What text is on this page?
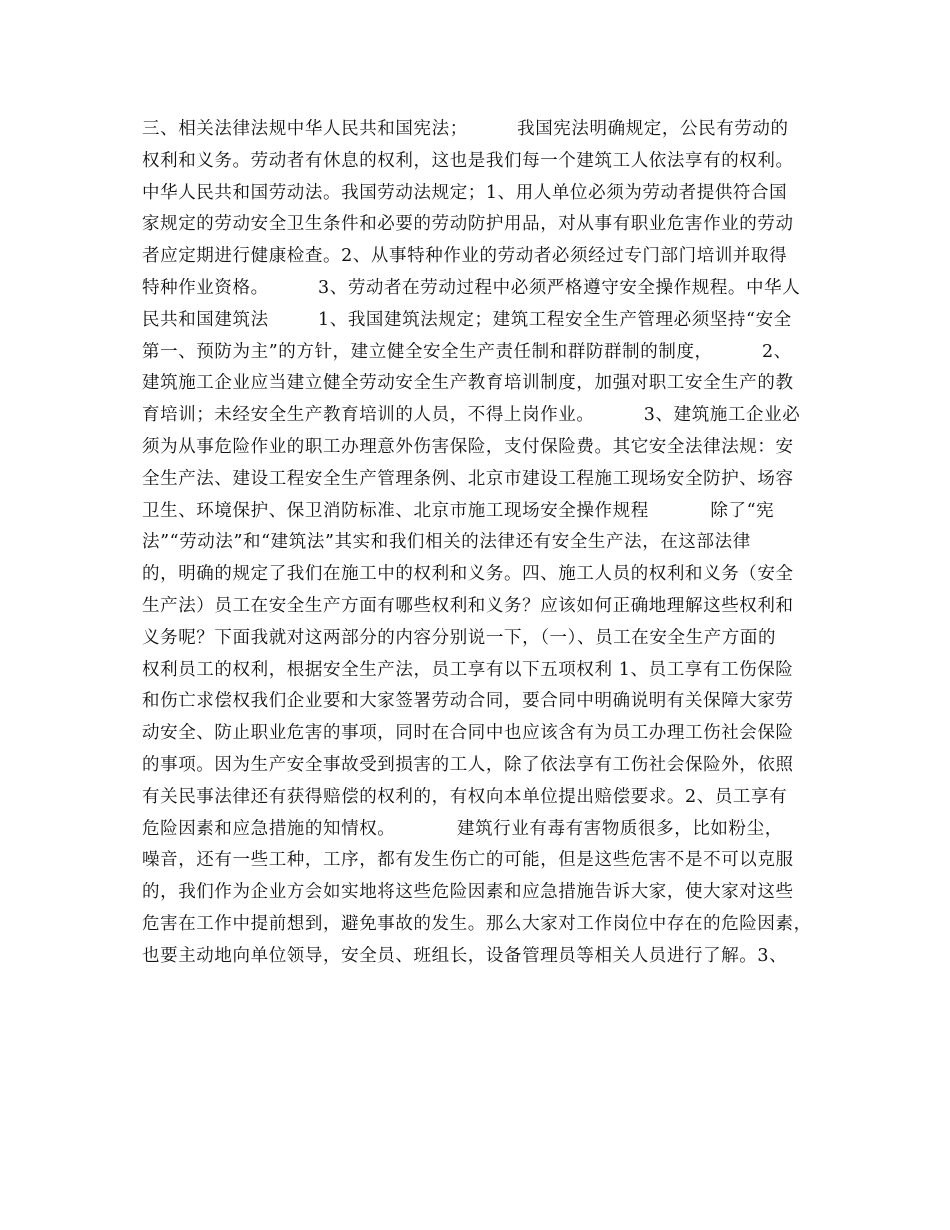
三、相关法律法规中华人民共和国宪法；        我国宪法明确规定，公民有劳动的
权利和义务。劳动者有休息的权利，这也是我们每一个建筑工人依法享有的权利。
中华人民共和国劳动法。我国劳动法规定；1、用人单位必须为劳动者提供符合国
家规定的劳动安全卫生条件和必要的劳动防护用品，对从事有职业危害作业的劳动
者应定期进行健康检查。2、从事特种作业的劳动者必须经过专门部门培训并取得
特种作业资格。        3、劳动者在劳动过程中必须严格遵守安全操作规程。中华人
民共和国建筑法        1、我国建筑法规定；建筑工程安全生产管理必须坚持“安全
第一、预防为主”的方针，建立健全安全生产责任制和群防群制的制度，        2、
建筑施工企业应当建立健全劳动安全生产教育培训制度，加强对职工安全生产的教
育培训；未经安全生产教育培训的人员，不得上岗作业。        3、建筑施工企业必
须为从事危险作业的职工办理意外伤害保险，支付保险费。其它安全法律法规：安
全生产法、建设工程安全生产管理条例、北京市建设工程施工现场安全防护、场容
卫生、环境保护、保卫消防标准、北京市施工现场安全操作规程          除了“宪
法”“劳动法”和“建筑法”其实和我们相关的法律还有安全生产法，在这部法律
的，明确的规定了我们在施工中的权利和义务。四、施工人员的权利和义务（安全
生产法）员工在安全生产方面有哪些权利和义务？应该如何正确地理解这些权利和
义务呢？下面我就对这两部分的内容分别说一下，（一）、员工在安全生产方面的
权利员工的权利，根据安全生产法，员工享有以下五项权利 1、员工享有工伤保险
和伤亡求偿权我们企业要和大家签署劳动合同，要合同中明确说明有关保障大家劳
动安全、防止职业危害的事项，同时在合同中也应该含有为员工办理工伤社会保险
的事项。因为生产安全事故受到损害的工人，除了依法享有工伤社会保险外，依照
有关民事法律还有获得赔偿的权利的，有权向本单位提出赔偿要求。2、员工享有
危险因素和应急措施的知情权。          建筑行业有毒有害物质很多，比如粉尘，
噪音，还有一些工种，工序，都有发生伤亡的可能，但是这些危害不是不可以克服
的，我们作为企业方会如实地将这些危险因素和应急措施告诉大家，使大家对这些
危害在工作中提前想到，避免事故的发生。那么大家对工作岗位中存在的危险因素，
也要主动地向单位领导，安全员、班组长，设备管理员等相关人员进行了解。3、
